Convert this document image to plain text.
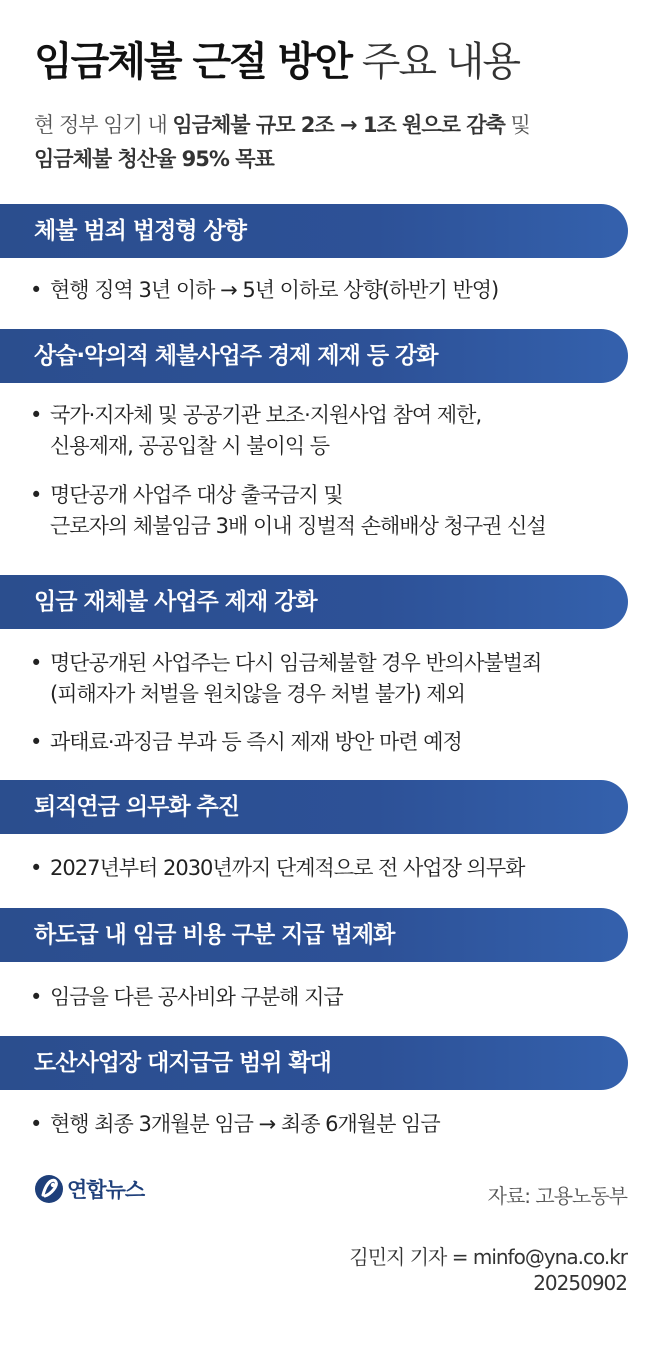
임금체불 근절 방안 주요 내용
현 정부 임기 내 임금체불 규모 2조 → 1조 원으로 감축 및
임금체불 청산율 95% 목표
체불 범죄 법정형 상향
• 현행 징역 3년 이하 → 5년 이하로 상향(하반기 반영)
상습·악의적 체불사업주 경제 제재 등 강화
• 국가·지자체 및 공공기관 보조·지원사업 참여 제한,
신용제재, 공공입찰 시 불이익 등
• 명단공개 사업주 대상 출국금지 및
근로자의 체불임금 3배 이내 징벌적 손해배상 청구권 신설
임금 재체불 사업주 제재 강화
• 명단공개된 사업주는 다시 임금체불할 경우 반의사불벌죄
(피해자가 처벌을 원치않을 경우 처벌 불가) 제외
• 과태료·과징금 부과 등 즉시 제재 방안 마련 예정
퇴직연금 의무화 추진
• 2027년부터 2030년까지 단계적으로 전 사업장 의무화
하도급 내 임금 비용 구분 지급 법제화
• 임금을 다른 공사비와 구분해 지급
도산사업장 대지급금 범위 확대
• 현행 최종 3개월분 임금 → 최종 6개월분 임금
연합뉴스	자료: 고용노동부
김민지 기자 = minfo@yna.co.kr
20250902
